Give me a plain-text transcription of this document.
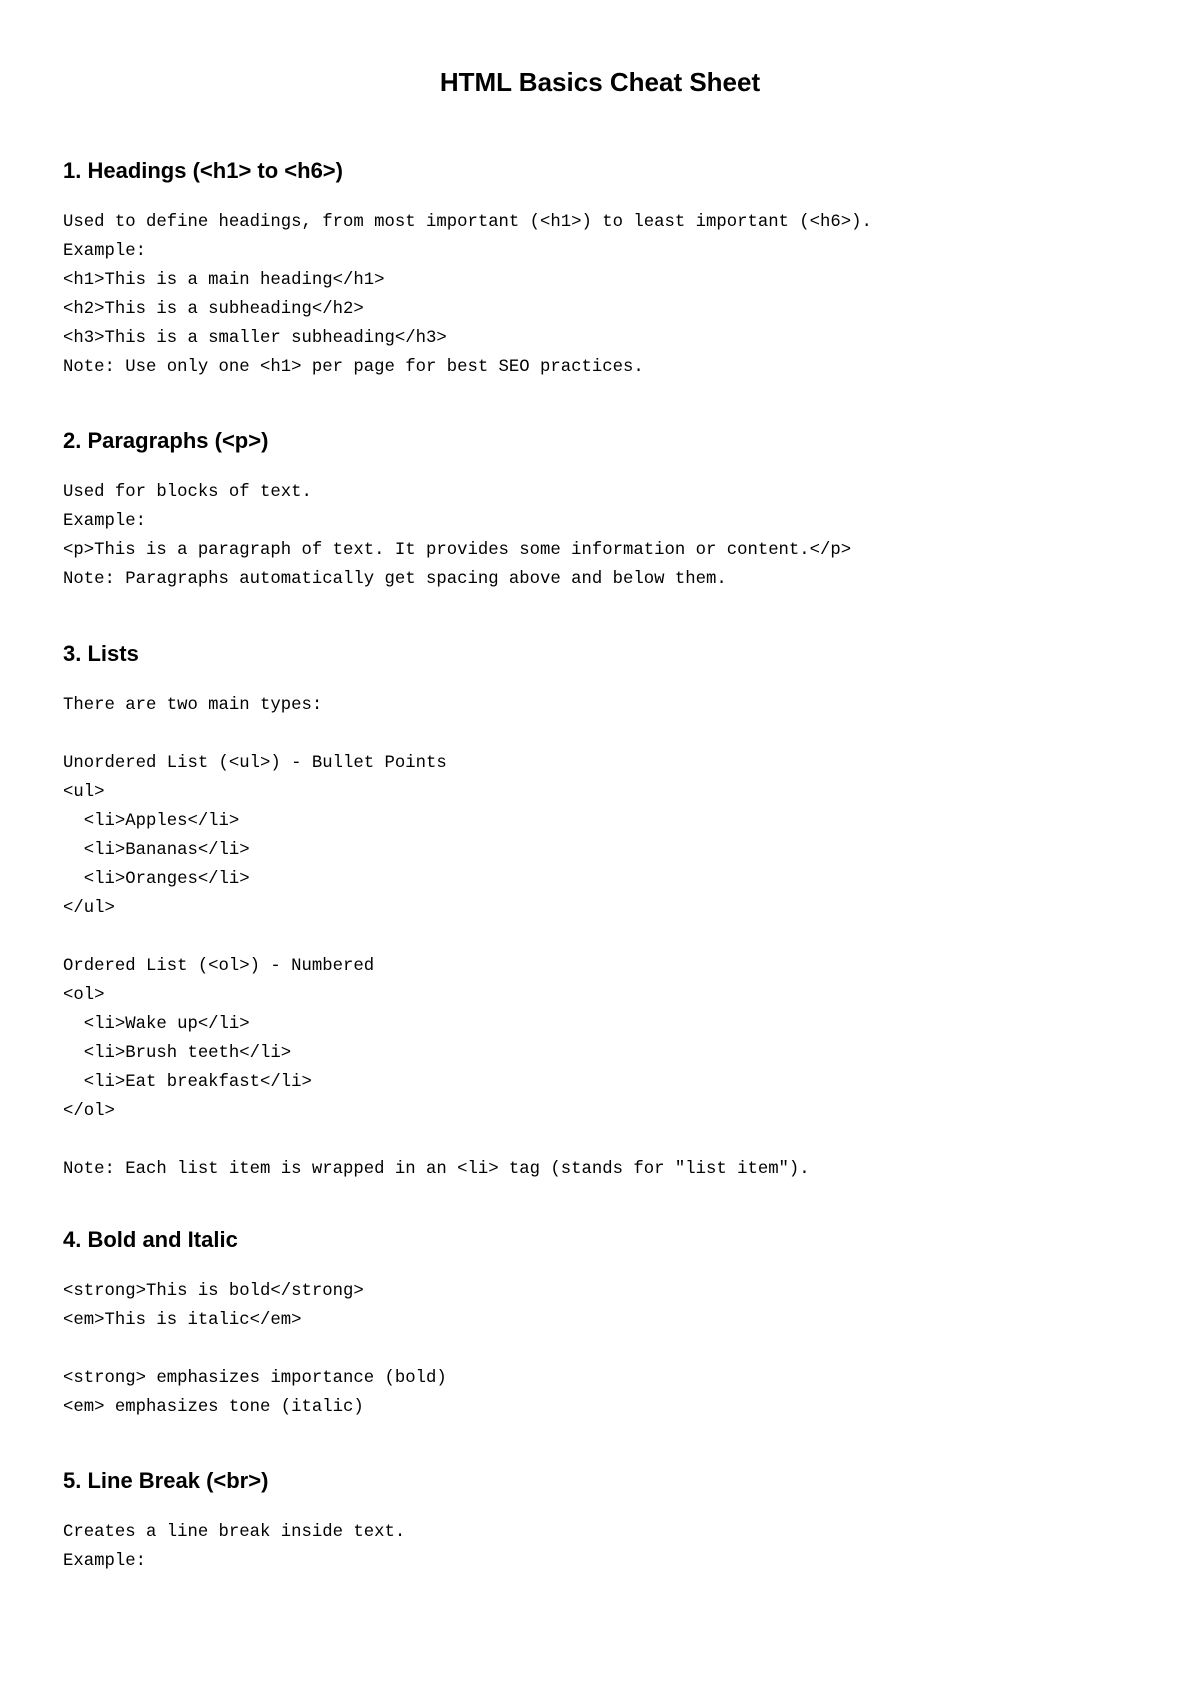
HTML Basics Cheat Sheet
1. Headings (<h1> to <h6>)
Used to define headings, from most important (<h1>) to least important (<h6>).
Example:
<h1>This is a main heading</h1>
<h2>This is a subheading</h2>
<h3>This is a smaller subheading</h3>
Note: Use only one <h1> per page for best SEO practices.
2. Paragraphs (<p>)
Used for blocks of text.
Example:
<p>This is a paragraph of text. It provides some information or content.</p>
Note: Paragraphs automatically get spacing above and below them.
3. Lists
There are two main types:
Unordered List (<ul>) - Bullet Points
<ul>
<li>Apples</li>
<li>Bananas</li>
<li>Oranges</li>
</ul>
Ordered List (<ol>) - Numbered
<ol>
<li>Wake up</li>
<li>Brush teeth</li>
<li>Eat breakfast</li>
</ol>
Note: Each list item is wrapped in an <li> tag (stands for "list item").
4. Bold and Italic
<strong>This is bold</strong>
<em>This is italic</em>
<strong> emphasizes importance (bold)
<em> emphasizes tone (italic)
5. Line Break (<br>)
Creates a line break inside text.
Example:
